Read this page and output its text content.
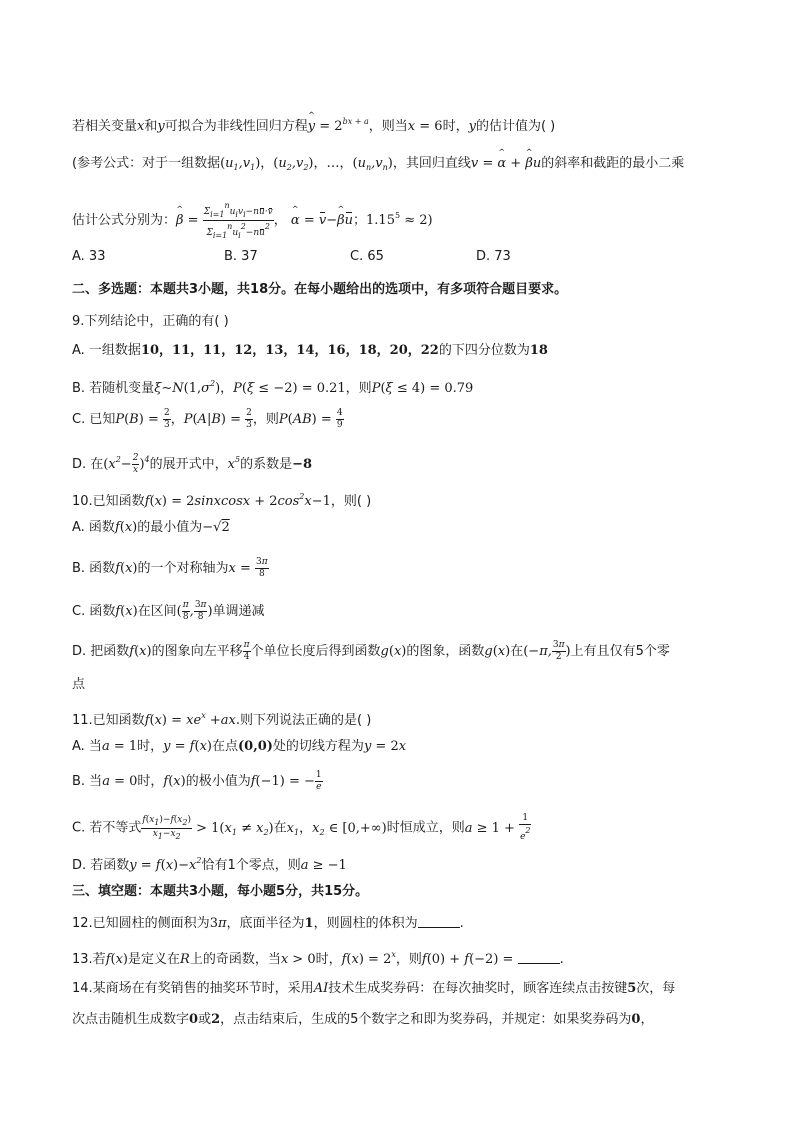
若相关变量x和y可拟合为非线性回归方程^ $y = 2^{bx + a}$，则当x = 6时，y的估计值为( )
(参考公式：对于一组数据$(u_1,v_1)$，$(u_2,v_2)$，…，$(u_n,v_n)$，其回归直线v = ^ α + ^ βu的斜率和截距的最小二乘
估计公式分别为：^ $\beta = \frac{\text{Σi=1nuivi−nu·v}}{\text{Σi=1nui2−nu2}}$ ， ^ α = v−^ βu；$1.15^5 \approx 2$)
A. 33	B. 37	C. 65	D. 73
二、多选题：本题共3小题，共18分。在每小题给出的选项中，有多项符合题目要求。
9.下列结论中，正确的有( )
A. 一组数据10，11，11，12，13，14，16，18，20，22的下四分位数为18
B. 若随机变量$\xi\sim N(1,\sigma^2)$，P(ξ ≤ −2) = 0.21，则P(ξ ≤ 4) = 0.79
C. 已知$P(B) = \frac{2}{3}$ ，$P(A|B) = \frac{2}{3}$ ，则$P(AB) = \frac{4}{9}$
D. 在$(x^2- \frac{2}{x} )^4$的展开式中，$x^5$的系数是−8
10.已知函数f(x) = 2sinxcosx + $2\cos^2x-1$，则( )
A. 函数f(x)的最小值为−√2
B. 函数f(x)的一个对称轴为$x = \frac{3\pi}{8}$
C. 函数f(x)在区间( $\frac{\pi}{8}$ , $\frac{3\pi}{8}$ )单调递减
D. 把函数f(x)的图象向左平移 $\frac{\pi}{4}$ 个单位长度后得到函数g(x)的图象，函数g(x)在(−π, $\frac{3\pi}{2}$ )上有且仅有5个零
点
11.已知函数$f(x) = xe^x +ax$.则下列说法正确的是( )
A. 当a = 1时，y = f(x)在点(0,0)处的切线方程为y = 2x
B. 当a = 0时，f(x)的极小值为f(−1) = − $\frac{1}{e}$
C. 若不等式 $\frac{f(x1)-f(x2)}{x1-x2} > 1(x_1 \ne x_2)$在$x_1$，$x_2$ ∈ [0,+∞)时恒成立，则$a \ge 1 + \frac{1}{e2}$
D. 若函数$y = f(x)-x^2$恰有1个零点，则a ≥ −1
三、填空题：本题共3小题，每小题5分，共15分。
12.已知圆柱的侧面积为3π，底面半径为1，则圆柱的体积为	.
13.若f(x)是定义在R上的奇函数，当x > 0时，$f(x) = 2^x$，则f(0) + f(−2) =	.
14.某商场在有奖销售的抽奖环节时，采用AI技术生成奖券码：在每次抽奖时，顾客连续点击按键5次，每
次点击随机生成数字0或2，点击结束后，生成的5个数字之和即为奖券码，并规定：如果奖券码为0，
